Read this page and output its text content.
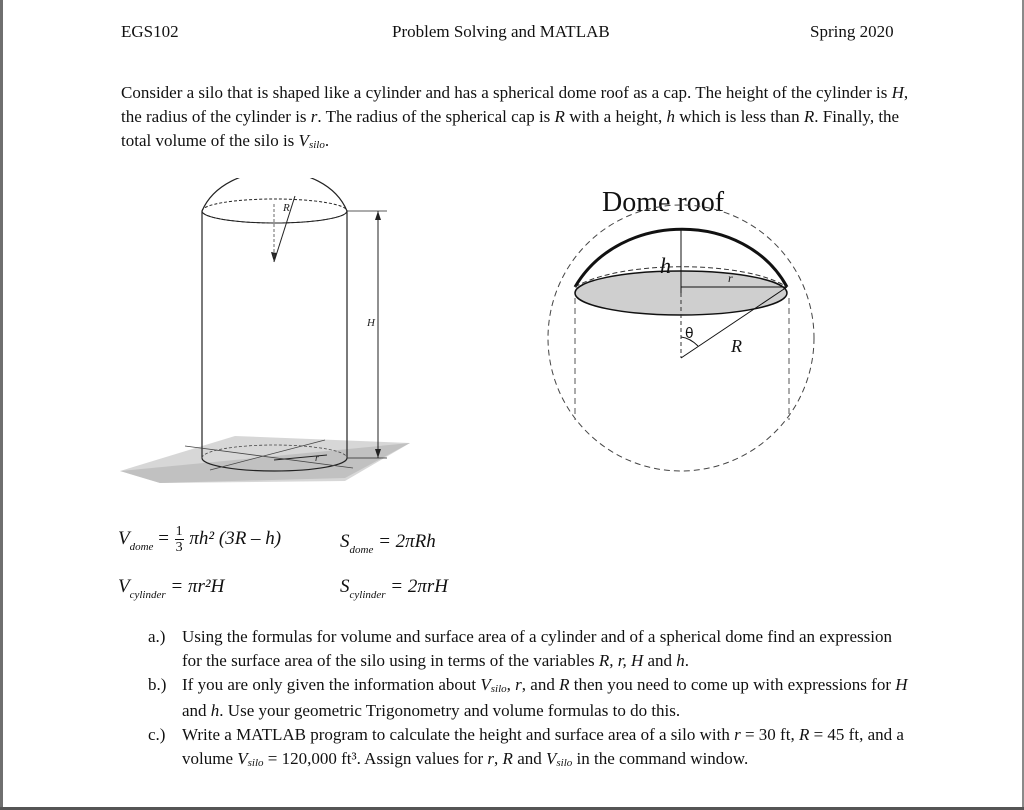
EGS102	Problem Solving and MATLAB	Spring 2020
Consider a silo that is shaped like a cylinder and has a spherical dome roof as a cap. The height of the cylinder is H, the radius of the cylinder is r. The radius of the spherical cap is R with a height, h which is less than R. Finally, the total volume of the silo is Vsilo.
R
H
r
Dome roof
h	r
θ
R
$V_{dome} = \frac{1}{3} \pi h^2$ (3R – h)	$S_{dome} = 2\pi Rh$
$V_{cylinder} = \pi r^2H$	$S_{cylinder} = 2\pi rH$
a.) Using the formulas for volume and surface area of a cylinder and of a spherical dome find an expression for the surface area of the silo using in terms of the variables R, r, H and h.
b.) If you are only given the information about Vsilo, r, and R then you need to come up with expressions for H and h. Use your geometric Trigonometry and volume formulas to do this.
c.) Write a MATLAB program to calculate the height and surface area of a silo with r = 30 ft, R = 45 ft, and a volume Vsilo = 120,000 ft³. Assign values for r, R and Vsilo in the command window.
